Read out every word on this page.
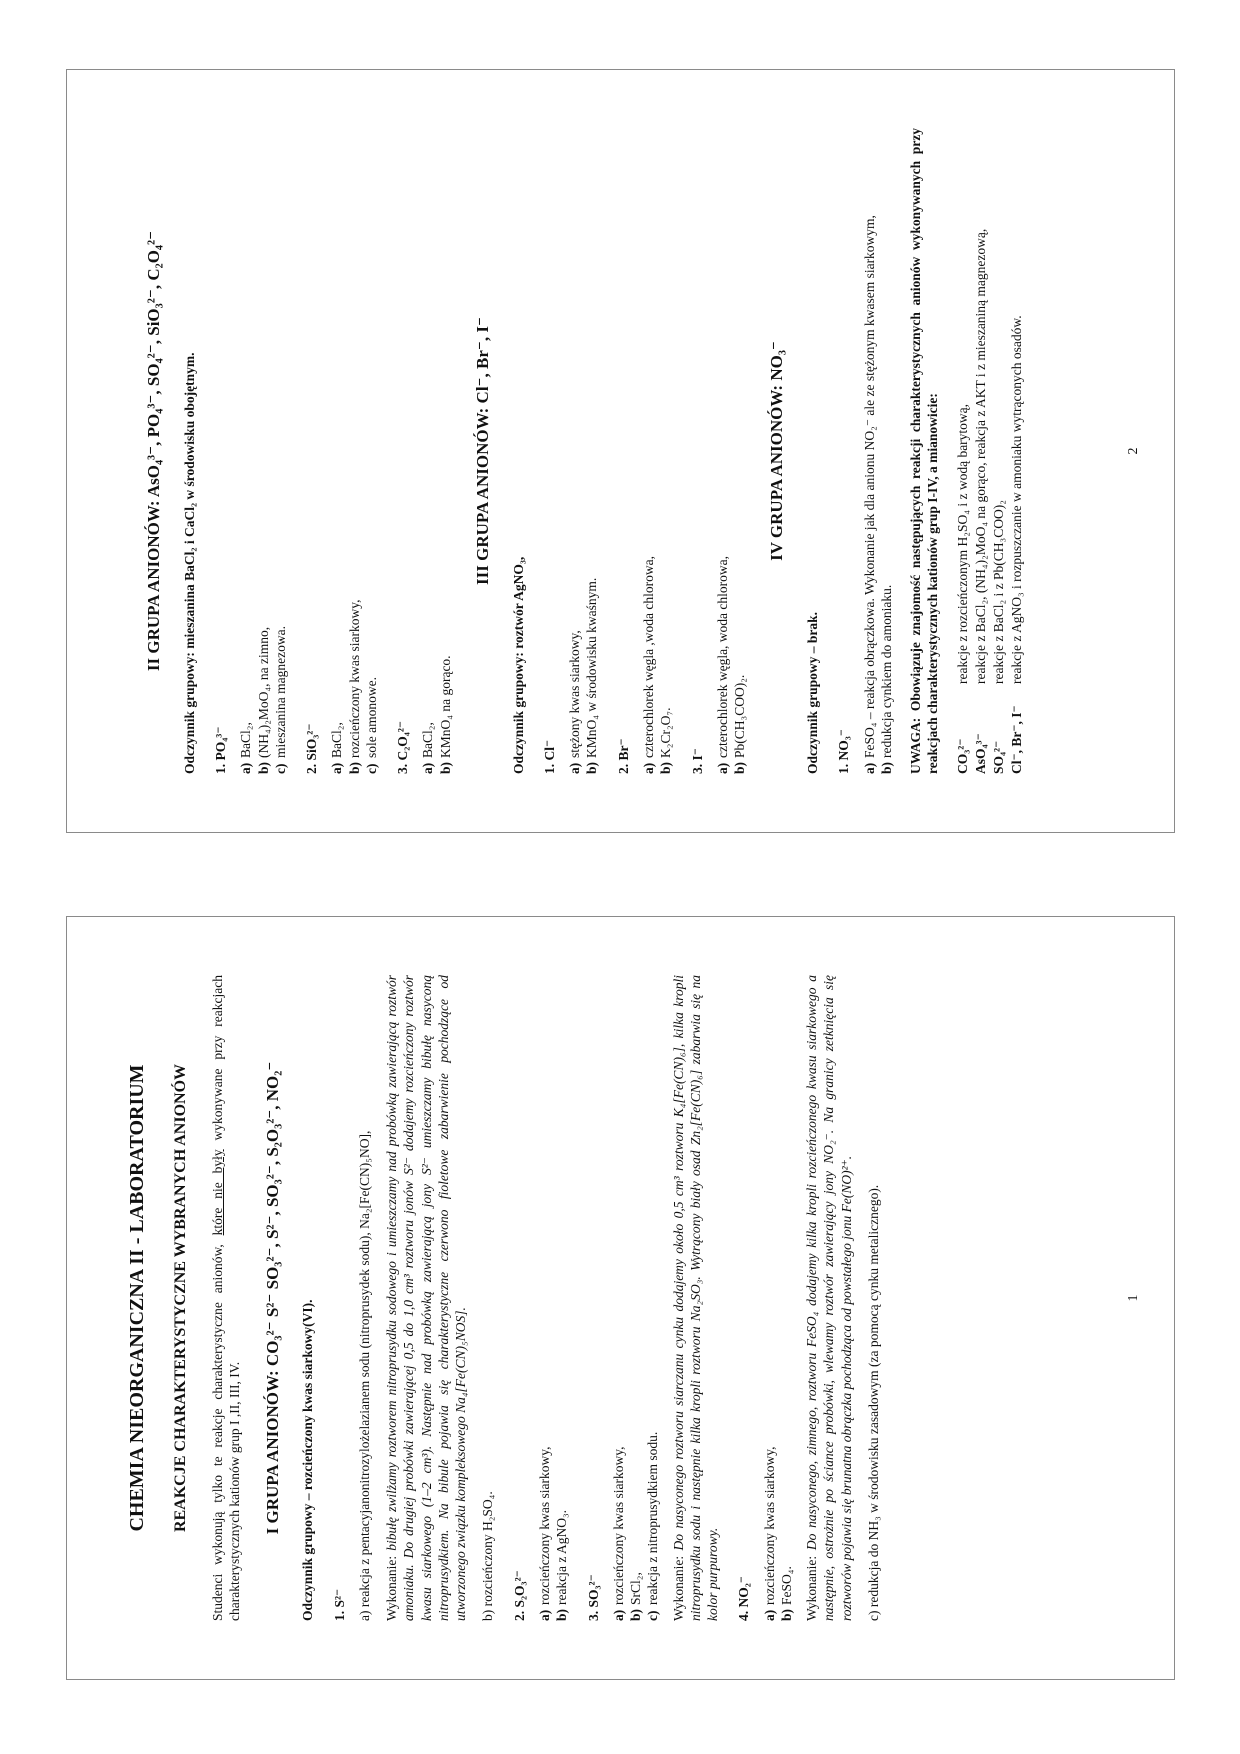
CHEMIA NIEORGANICZNA II - LABORATORIUM REAKCJE CHARAKTERYSTYCZNE WYBRANYCH ANIONÓW Studenci wykonują tylko te reakcje charakterystyczne anionów, które nie były wykonywane przy reakcjach charakterystycznych kationów grup I ,II, III, IV. I GRUPA ANIONÓW: CO₃²⁻ S²⁻ SO₃²⁻, S²⁻, SO₃²⁻, S₂O₃²⁻, NO₂⁻ Odczynnik grupowy – rozcieńczony kwas siarkowy(VI). 1. S²⁻ a) reakcja z pentacyjanonitrozylożelazianem sodu (nitroprusydek sodu), Na₂[Fe(CN)₅NO], Wykonanie: bibułę zwilżamy roztworem nitroprusydku sodowego i umieszczamy nad probówką zawierającą roztwór amoniaku. Do drugiej probówki zawierającej 0,5 do 1,0 cm³ roztworu jonów S²⁻ dodajemy rozcieńczony roztwór kwasu siarkowego (1–2 cm³). Następnie nad probówką zawierającą jony S²⁻ umieszczamy bibułę nasyconą nitroprusydkiem. Na bibule pojawia się charakterystyczne czerwono fioletowe zabarwienie pochodzące od utworzonego związku kompleksowego Na₄[Fe(CN)₅NOS]. b) rozcieńczony H₂SO₄. 2. S₂O₃²⁻ a)
rozcieńczony kwas siarkowy,
b)
reakcja z AgNO₃. 3. SO₃²⁻ a)
rozcieńczony kwas siarkowy,
b)
SrCl₂,
c)
reakcja z nitroprusydkiem sodu. Wykonanie: Do nasyconego roztworu siarczanu cynku dodajemy około 0,5 cm³ roztworu K₄[Fe(CN)₆], kilka kropli nitroprusydku sodu i następnie kilka kropli roztworu Na₂SO₃. Wytrącony biały osad Zn₂[Fe(CN)₆] zabarwia się na kolor purpurowy. 4. NO₂⁻ a)
rozcieńczony kwas siarkowy,
b)
FeSO₄. Wykonanie: Do nasyconego, zimnego, roztworu FeSO₄ dodajemy kilka kropli rozcieńczonego kwasu siarkowego a następnie, ostrożnie po ściance probówki, wlewamy roztwór zawierający jony NO₂⁻. Na granicy zetknięcia się roztworów pojawia się brunatna obrączka pochodząca od powstałego jonu Fe(NO)²⁺. c) redukcja do NH₃ w środowisku zasadowym (za pomocą cynku metalicznego).	1
II GRUPA ANIONÓW: AsO₄³⁻, PO₄³⁻, SO₄²⁻, SiO₃²⁻, C₂O₄²⁻ Odczynnik grupowy: mieszanina BaCl₂ i CaCl₂ w środowisku obojętnym. 1. PO₄³⁻ a)
BaCl₂,
b)
(NH₄)₂MoO₄, na zimno,
c)
mieszanina magnezowa. 2. SiO₃²⁻ a)
BaCl₂,
b)
rozcieńczony kwas siarkowy,
c)
sole amonowe. 3. C₂O₄²⁻ a)
BaCl₂,
b)
KMnO₄ na gorąco.
III GRUPA ANIONÓW: Cl⁻, Br⁻, I⁻

Odczynnik grupowy: roztwór AgNO₃, 1. Cl⁻ a)
stężony kwas siarkowy,
b)
KMnO₄ w środowisku kwaśnym. 2. Br⁻ a)
czterochlorek węgla ,woda chlorowa,
b)
K₂Cr₂O₇.
3. I⁻ a)
czterochlorek węgla, woda chlorowa,
b)
Pb(CH₃COO)₂.
IV GRUPA ANIONÓW: NO₃⁻

Odczynnik grupowy – brak. 1. NO₃⁻ a)
FeSO₄ – reakcja obrączkowa. Wykonanie jak dla anionu NO₂⁻ ale ze stężonym kwasem siarkowym,
b)
redukcja cynkiem do amoniaku. UWAGA: Obowiązuje znajomość następujących reakcji charakterystycznych anionów wykonywanych przy reakcjach charakterystycznych kationów grup I-IV, a mianowicie: CO₃²⁻
reakcje z rozcieńczonym H₂SO₄ i z wodą barytową,
AsO₄³⁻
reakcje z BaCl₂, (NH₄)₂MoO₄ na gorąco, reakcja z AKT i z mieszaniną magnezową,
SO₄²⁻
reakcje z BaCl₂ i z Pb(CH₃COO)₂
Cl⁻, Br⁻, I⁻
reakcje z AgNO₃ i rozpuszczanie w amoniaku wytrąconych osadów.	2
